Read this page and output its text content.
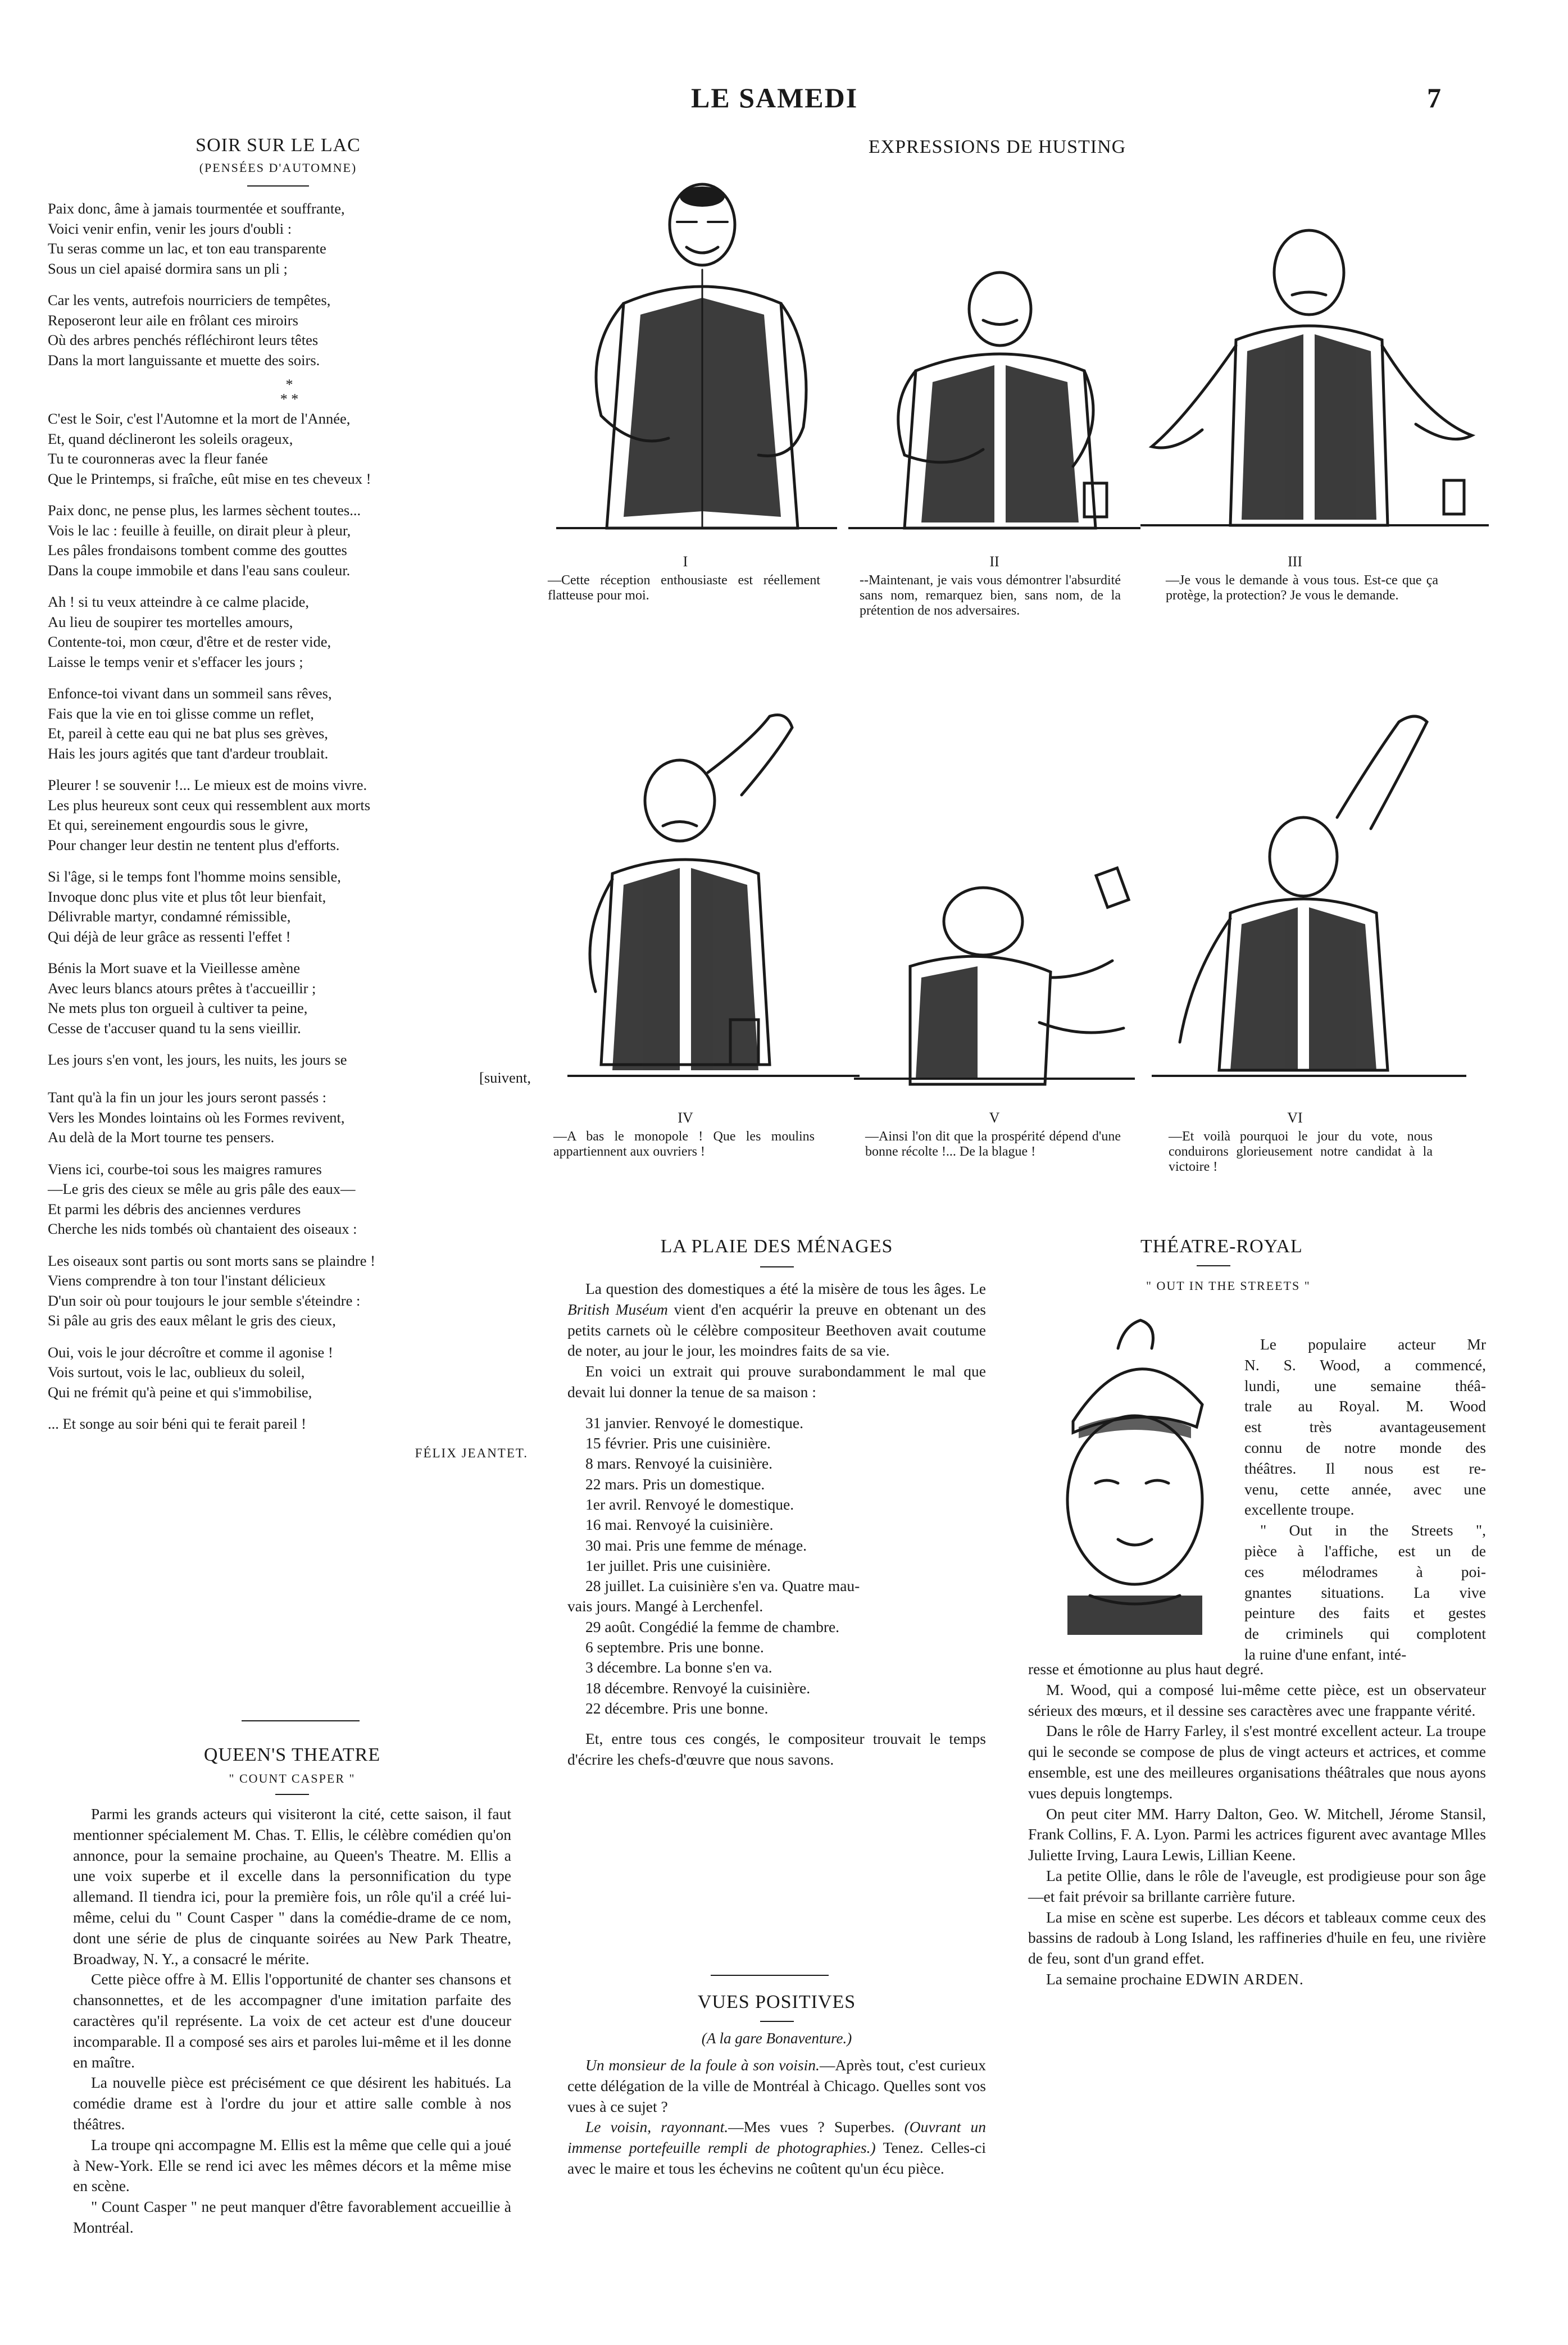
LE SAMEDI	7
SOIR SUR LE LAC
(PENSÉES D'AUTOMNE)

Paix donc, âme à jamais tourmentée et souffrante,

Voici venir enfin, venir les jours d'oubli :

Tu seras comme un lac, et ton eau transparente

Sous un ciel apaisé dormira sans un pli ;

Car les vents, autrefois nourriciers de tempêtes,

Reposeront leur aile en frôlant ces miroirs

Où des arbres penchés réfléchiront leurs têtes

Dans la mort languissante et muette des soirs.

*
* *

C'est le Soir, c'est l'Automne et la mort de l'Année,

Et, quand déclineront les soleils orageux,

Tu te couronneras avec la fleur fanée

Que le Printemps, si fraîche, eût mise en tes cheveux !

Paix donc, ne pense plus, les larmes sèchent toutes...

Vois le lac : feuille à feuille, on dirait pleur à pleur,

Les pâles frondaisons tombent comme des gouttes

Dans la coupe immobile et dans l'eau sans couleur.

Ah ! si tu veux atteindre à ce calme placide,

Au lieu de soupirer tes mortelles amours,

Contente-toi, mon cœur, d'être et de rester vide,

Laisse le temps venir et s'effacer les jours ;

Enfonce-toi vivant dans un sommeil sans rêves,

Fais que la vie en toi glisse comme un reflet,

Et, pareil à cette eau qui ne bat plus ses grèves,

Hais les jours agités que tant d'ardeur troublait.

Pleurer ! se souvenir !... Le mieux est de moins vivre.

Les plus heureux sont ceux qui ressemblent aux morts

Et qui, sereinement engourdis sous le givre,

Pour changer leur destin ne tentent plus d'efforts.

Si l'âge, si le temps font l'homme moins sensible,

Invoque donc plus vite et plus tôt leur bienfait,

Délivrable martyr, condamné rémissible,

Qui déjà de leur grâce as ressenti l'effet !

Bénis la Mort suave et la Vieillesse amène

Avec leurs blancs atours prêtes à t'accueillir ;

Ne mets plus ton orgueil à cultiver ta peine,

Cesse de t'accuser quand tu la sens vieillir.

Les jours s'en vont, les jours, les nuits, les jours se

[suivent,

Tant qu'à la fin un jour les jours seront passés :

Vers les Mondes lointains où les Formes revivent,

Au delà de la Mort tourne tes pensers.

Viens ici, courbe-toi sous les maigres ramures

—Le gris des cieux se mêle au gris pâle des eaux—

Et parmi les débris des anciennes verdures

Cherche les nids tombés où chantaient des oiseaux :

Les oiseaux sont partis ou sont morts sans se plaindre !

Viens comprendre à ton tour l'instant délicieux

D'un soir où pour toujours le jour semble s'éteindre :

Si pâle au gris des eaux mêlant le gris des cieux,

Oui, vois le jour décroître et comme il agonise !

Vois surtout, vois le lac, oublieux du soleil,

Qui ne frémit qu'à peine et qui s'immobilise,

... Et songe au soir béni qui te ferait pareil !

FÉLIX JEANTET.
QUEEN'S THEATRE
" COUNT CASPER "

Parmi les grands acteurs qui visiteront la cité, cette saison, il faut mentionner spécialement M. Chas. T. Ellis, le célèbre comédien qu'on annonce, pour la semaine prochaine, au Queen's Theatre. M. Ellis a une voix superbe et il excelle dans la personnification du type allemand. Il tiendra ici, pour la première fois, un rôle qu'il a créé lui-même, celui du " Count Casper " dans la comédie-drame de ce nom, dont une série de plus de cinquante soirées au New Park Theatre, Broadway, N. Y., a consacré le mérite.

Cette pièce offre à M. Ellis l'opportunité de chanter ses chansons et chansonnettes, et de les accompagner d'une imitation parfaite des caractères qu'il représente. La voix de cet acteur est d'une douceur incomparable. Il a composé ses airs et paroles lui-même et il les donne en maître.

La nouvelle pièce est précisément ce que désirent les habitués. La comédie drame est à l'ordre du jour et attire salle comble à nos théâtres.

La troupe qni accompagne M. Ellis est la même que celle qui a joué à New-York. Elle se rend ici avec les mêmes décors et la même mise en scène.

" Count Casper " ne peut manquer d'être favorablement accueillie à Montréal.

EXPRESSIONS DE HUSTING
I
—Cette réception enthousiaste est réellement flatteuse pour moi.
II
--Maintenant, je vais vous démontrer l'absurdité sans nom, remarquez bien, sans nom, de la prétention de nos adversaires.
III
—Je vous le demande à vous tous. Est-ce que ça protège, la protection? Je vous le demande.
IV
—A bas le monopole ! Que les moulins appartiennent aux ouvriers !
V
—Ainsi l'on dit que la prospérité dépend d'une bonne récolte !... De la blague !
VI
—Et voilà pourquoi le jour du vote, nous conduirons glorieusement notre candidat à la victoire !
LA PLAIE DES MÉNAGES

La question des domestiques a été la misère de tous les âges. Le British Muséum vient d'en acquérir la preuve en obtenant un des petits carnets où le célèbre compositeur Beethoven avait coutume de noter, au jour le jour, les moindres faits de sa vie.

En voici un extrait qui prouve surabondamment le mal que devait lui donner la tenue de sa maison :

31 janvier. Renvoyé le domestique.

15 février. Pris une cuisinière.

8 mars. Renvoyé la cuisinière.

22 mars. Pris un domestique.

1er avril. Renvoyé le domestique.

16 mai. Renvoyé la cuisinière.

30 mai. Pris une femme de ménage.

1er juillet. Pris une cuisinière.

28 juillet. La cuisinière s'en va. Quatre mau-

vais jours. Mangé à Lerchenfel.

29 août. Congédié la femme de chambre.

6 septembre. Pris une bonne.

3 décembre. La bonne s'en va.

18 décembre. Renvoyé la cuisinière.

22 décembre. Pris une bonne.

Et, entre tous ces congés, le compositeur trouvait le temps d'écrire les chefs-d'œuvre que nous savons.

VUES POSITIVES
(A la gare Bonaventure.)

Un monsieur de la foule à son voisin.—Après tout, c'est curieux cette délégation de la ville de Montréal à Chicago. Quelles sont vos vues à ce sujet ?

Le voisin, rayonnant.—Mes vues ? Superbes. (Ouvrant un immense portefeuille rempli de photographies.) Tenez. Celles-ci avec le maire et tous les échevins ne coûtent qu'un écu pièce.

THÉATRE-ROYAL
" OUT IN THE STREETS "

Le populaire acteur Mr

N. S. Wood, a commencé,

lundi, une semaine théâ-

trale au Royal. M. Wood

est très avantageusement

connu de notre monde des

théâtres. Il nous est re-

venu, cette année, avec une

excellente troupe.

" Out in the Streets ",

pièce à l'affiche, est un de

ces mélodrames à poi-

gnantes situations. La vive

peinture des faits et gestes

de criminels qui complotent

la ruine d'une enfant, inté-

resse et émotionne au plus haut degré.

M. Wood, qui a composé lui-même cette pièce, est un observateur sérieux des mœurs, et il dessine ses caractères avec une frappante vérité.

Dans le rôle de Harry Farley, il s'est montré excellent acteur. La troupe qui le seconde se compose de plus de vingt acteurs et actrices, et comme ensemble, est une des meilleures organisations théâtrales que nous ayons vues depuis longtemps.

On peut citer MM. Harry Dalton, Geo. W. Mitchell, Jérome Stansil, Frank Collins, F. A. Lyon. Parmi les actrices figurent avec avantage Mlles Juliette Irving, Laura Lewis, Lillian Keene.

La petite Ollie, dans le rôle de l'aveugle, est prodigieuse pour son âge—et fait prévoir sa brillante carrière future.

La mise en scène est superbe. Les décors et tableaux comme ceux des bassins de radoub à Long Island, les raffineries d'huile en feu, une rivière de feu, sont d'un grand effet.

La semaine prochaine EDWIN ARDEN.
